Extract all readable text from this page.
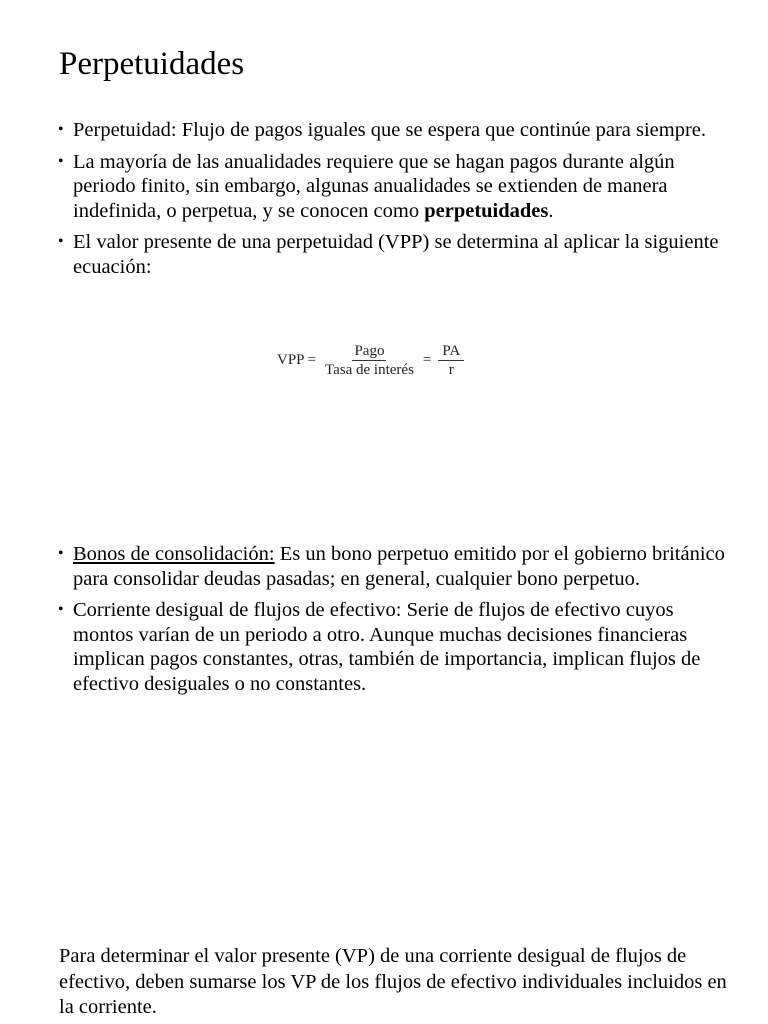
Perpetuidades
• Perpetuidad: Flujo de pagos iguales que se espera que continúe para siempre.
• La mayoría de las anualidades requiere que se hagan pagos durante algún periodo finito, sin embargo, algunas anualidades se extienden de manera indefinida, o perpetua, y se conocen como perpetuidades.
• El valor presente de una perpetuidad (VPP) se determina al aplicar la siguiente ecuación:
VPP = $\frac{\text{Pago}}{\text{Tasa de interés}} = \frac{PA}{r}$
• Bonos de consolidación: Es un bono perpetuo emitido por el gobierno británico para consolidar deudas pasadas; en general, cualquier bono perpetuo.
• Corriente desigual de flujos de efectivo: Serie de flujos de efectivo cuyos montos varían de un periodo a otro. Aunque muchas decisiones financieras implican pagos constantes, otras, también de importancia, implican flujos de efectivo desiguales o no constantes.

Para determinar el valor presente (VP) de una corriente desigual de flujos de efectivo, deben sumarse los VP de los flujos de efectivo individuales incluidos en la corriente.
